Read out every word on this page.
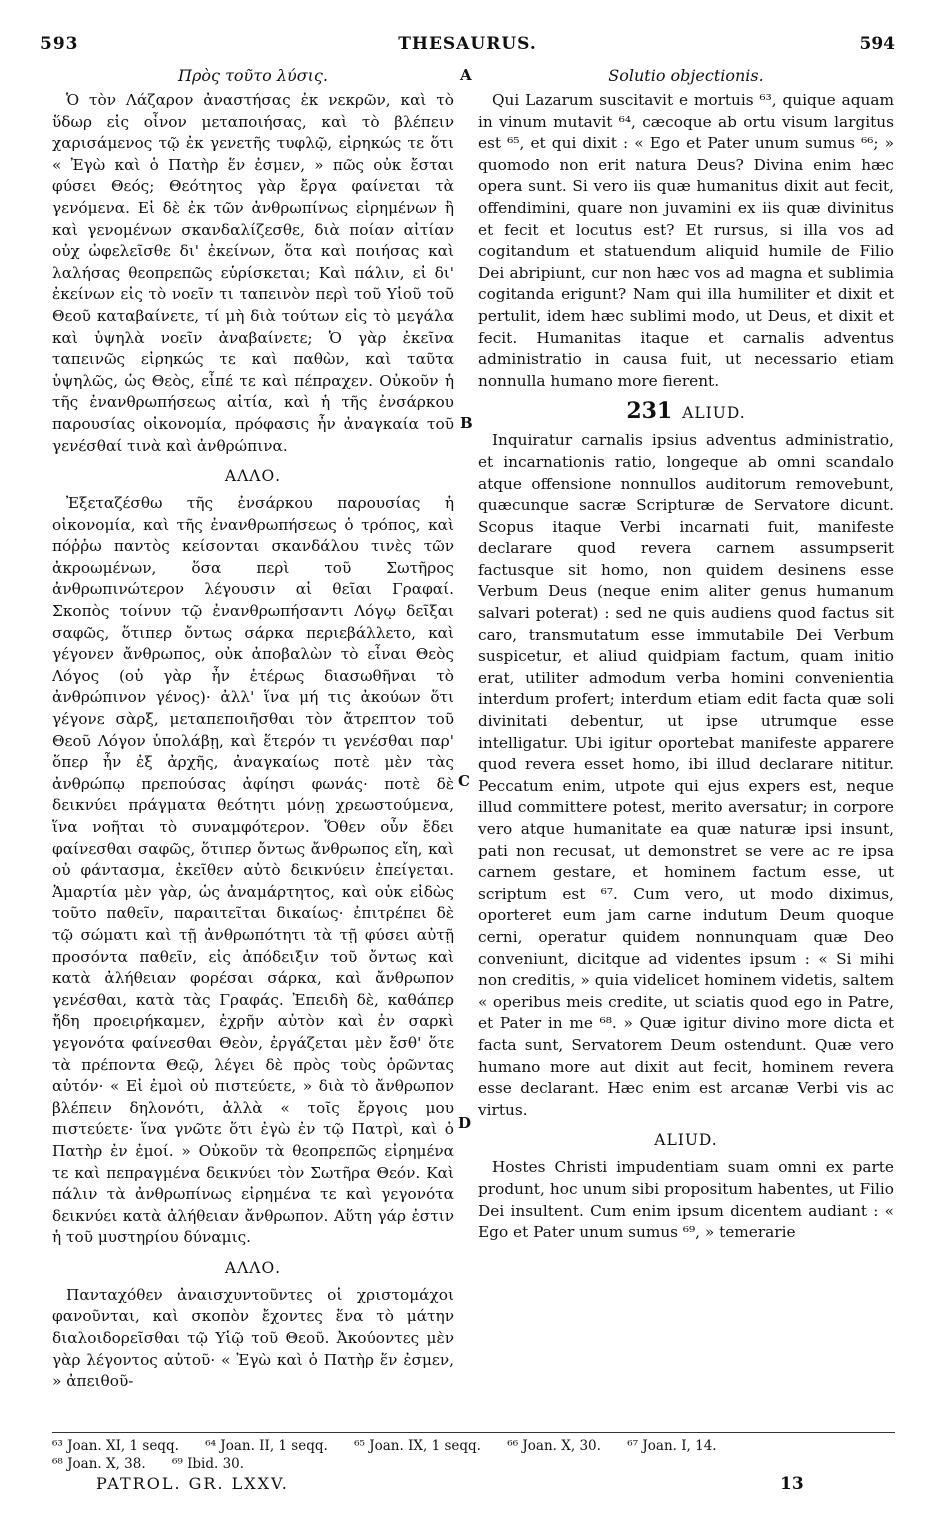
593	THESAURUS.	594
A
B
C
D
Πρὸς τοῦτο λύσις.

Ὁ τὸν Λάζαρον ἀναστήσας ἐκ νεκρῶν, καὶ τὸ ὕδωρ εἰς οἶνον μεταποιήσας, καὶ τὸ βλέπειν χαρισάμενος τῷ ἐκ γενετῆς τυφλῷ, εἰρηκώς τε ὅτι « Ἐγὼ καὶ ὁ Πατὴρ ἕν ἐσμεν, » πῶς οὐκ ἔσται φύσει Θεός; Θεότητος γὰρ ἔργα φαίνεται τὰ γενόμενα. Εἰ δὲ ἐκ τῶν ἀνθρωπίνως εἰρημένων ἢ καὶ γενομένων σκανδαλίζεσθε, διὰ ποίαν αἰτίαν οὐχ ὠφελεῖσθε δι' ἐκείνων, ὅτα καὶ ποιήσας καὶ λαλήσας θεοπρεπῶς εὑρίσκεται; Καὶ πάλιν, εἰ δι' ἐκείνων εἰς τὸ νοεῖν τι ταπεινὸν περὶ τοῦ Υἱοῦ τοῦ Θεοῦ καταβαίνετε, τί μὴ διὰ τούτων εἰς τὸ μεγάλα καὶ ὑψηλὰ νοεῖν ἀναβαίνετε; Ὁ γὰρ ἐκεῖνα ταπεινῶς εἰρηκώς τε καὶ παθὼν, καὶ ταῦτα ὑψηλῶς, ὡς Θεὸς, εἶπέ τε καὶ πέπραχεν. Οὐκοῦν ἡ τῆς ἐνανθρωπήσεως αἰτία, καὶ ἡ τῆς ἐνσάρκου παρουσίας οἰκονομία, πρόφασις ἦν ἀναγκαία τοῦ γενέσθαί τινὰ καὶ ἀνθρώπινα.

ΑΛΛΟ.

Ἐξεταζέσθω τῆς ἐνσάρκου παρουσίας ἡ οἰκονομία, καὶ τῆς ἐνανθρωπήσεως ὁ τρόπος, καὶ πόῤῥω παντὸς κείσονται σκανδάλου τινὲς τῶν ἀκροωμένων, ὅσα περὶ τοῦ Σωτῆρος ἀνθρωπινώτερον λέγουσιν αἱ θεῖαι Γραφαί. Σκοπὸς τοίνυν τῷ ἐνανθρωπήσαντι Λόγῳ δεῖξαι σαφῶς, ὅτιπερ ὄντως σάρκα περιεβάλλετο, καὶ γέγονεν ἄνθρωπος, οὐκ ἀποβαλὼν τὸ εἶναι Θεὸς Λόγος (οὐ γὰρ ἦν ἑτέρως διασωθῆναι τὸ ἀνθρώπινον γένος)· ἀλλ' ἵνα μή τις ἀκούων ὅτι γέγονε σὰρξ, μεταπεποιῆσθαι τὸν ἄτρεπτον τοῦ Θεοῦ Λόγον ὑπολάβῃ, καὶ ἕτερόν τι γενέσθαι παρ' ὅπερ ἦν ἐξ ἀρχῆς, ἀναγκαίως ποτὲ μὲν τὰς ἀνθρώπῳ πρεπούσας ἀφίησι φωνάς· ποτὲ δὲ δεικνύει πράγματα θεότητι μόνῃ χρεωστούμενα, ἵνα νοῆται τὸ συναμφότερον. Ὅθεν οὖν ἔδει φαίνεσθαι σαφῶς, ὅτιπερ ὄντως ἄνθρωπος εἴη, καὶ οὐ φάντασμα, ἐκεῖθεν αὐτὸ δεικνύειν ἐπείγεται. Ἁμαρτία μὲν γὰρ, ὡς ἀναμάρτητος, καὶ οὐκ εἰδὼς τοῦτο παθεῖν, παραιτεῖται δικαίως· ἐπιτρέπει δὲ τῷ σώματι καὶ τῇ ἀνθρωπότητι τὰ τῇ φύσει αὐτῇ προσόντα παθεῖν, εἰς ἀπόδειξιν τοῦ ὄντως καὶ κατὰ ἀλήθειαν φορέσαι σάρκα, καὶ ἄνθρωπον γενέσθαι, κατὰ τὰς Γραφάς. Ἐπειδὴ δὲ, καθάπερ ἤδη προειρήκαμεν, ἐχρῆν αὐτὸν καὶ ἐν σαρκὶ γεγονότα φαίνεσθαι Θεὸν, ἐργάζεται μὲν ἔσθ' ὅτε τὰ πρέποντα Θεῷ, λέγει δὲ πρὸς τοὺς ὁρῶντας αὐτόν· « Εἰ ἐμοὶ οὐ πιστεύετε, » διὰ τὸ ἄνθρωπον βλέπειν δηλονότι, ἀλλὰ « τοῖς ἔργοις μου πιστεύετε· ἵνα γνῶτε ὅτι ἐγὼ ἐν τῷ Πατρὶ, καὶ ὁ Πατὴρ ἐν ἐμοί. » Οὐκοῦν τὰ θεοπρεπῶς εἰρημένα τε καὶ πεπραγμένα δεικνύει τὸν Σωτῆρα Θεόν. Καὶ πάλιν τὰ ἀνθρωπίνως εἰρημένα τε καὶ γεγονότα δεικνύει κατὰ ἀλήθειαν ἄνθρωπον. Αὕτη γάρ ἐστιν ἡ τοῦ μυστηρίου δύναμις.

ΑΛΛΟ.

Πανταχόθεν ἀναισχυντοῦντες οἱ χριστομάχοι φανοῦνται, καὶ σκοπὸν ἔχοντες ἕνα τὸ μάτην διαλοιδορεῖσθαι τῷ Υἱῷ τοῦ Θεοῦ. Ἀκούοντες μὲν γὰρ λέγοντος αὐτοῦ· « Ἐγὼ καὶ ὁ Πατὴρ ἕν ἐσμεν, » ἀπειθοῦ-

Solutio objectionis.

Qui Lazarum suscitavit e mortuis ⁶³, quique aquam in vinum mutavit ⁶⁴, cæcoque ab ortu visum largitus est ⁶⁵, et qui dixit : « Ego et Pater unum sumus ⁶⁶; » quomodo non erit natura Deus? Divina enim hæc opera sunt. Si vero iis quæ humanitus dixit aut fecit, offendimini, quare non juvamini ex iis quæ divinitus et fecit et locutus est? Et rursus, si illa vos ad cogitandum et statuendum aliquid humile de Filio Dei abripiunt, cur non hæc vos ad magna et sublimia cogitanda erigunt? Nam qui illa humiliter et dixit et pertulit, idem hæc sublimi modo, ut Deus, et dixit et fecit. Humanitas itaque et carnalis adventus administratio in causa fuit, ut necessario etiam nonnulla humano more fierent.

231 ALIUD.

Inquiratur carnalis ipsius adventus administratio, et incarnationis ratio, longeque ab omni scandalo atque offensione nonnullos auditorum removebunt, quæcunque sacræ Scripturæ de Servatore dicunt. Scopus itaque Verbi incarnati fuit, manifeste declarare quod revera carnem assumpserit factusque sit homo, non quidem desinens esse Verbum Deus (neque enim aliter genus humanum salvari poterat) : sed ne quis audiens quod factus sit caro, transmutatum esse immutabile Dei Verbum suspicetur, et aliud quidpiam factum, quam initio erat, utiliter admodum verba homini convenientia interdum profert; interdum etiam edit facta quæ soli divinitati debentur, ut ipse utrumque esse intelligatur. Ubi igitur oportebat manifeste apparere quod revera esset homo, ibi illud declarare nititur. Peccatum enim, utpote qui ejus expers est, neque illud committere potest, merito aversatur; in corpore vero atque humanitate ea quæ naturæ ipsi insunt, pati non recusat, ut demonstret se vere ac re ipsa carnem gestare, et hominem factum esse, ut scriptum est ⁶⁷. Cum vero, ut modo diximus, oporteret eum jam carne indutum Deum quoque cerni, operatur quidem nonnunquam quæ Deo conveniunt, dicitque ad videntes ipsum : « Si mihi non creditis, » quia videlicet hominem videtis, saltem « operibus meis credite, ut sciatis quod ego in Patre, et Pater in me ⁶⁸. » Quæ igitur divino more dicta et facta sunt, Servatorem Deum ostendunt. Quæ vero humano more aut dixit aut fecit, hominem revera esse declarant. Hæc enim est arcanæ Verbi vis ac virtus.

ALIUD.

Hostes Christi impudentiam suam omni ex parte produnt, hoc unum sibi propositum habentes, ut Filio Dei insultent. Cum enim ipsum dicentem audiant : « Ego et Pater unum sumus ⁶⁹, » temerarie

⁶³ Joan. XI, 1 seqq. ⁶⁴ Joan. II, 1 seqq. ⁶⁵ Joan. IX, 1 seqq. ⁶⁶ Joan. X, 30. ⁶⁷ Joan. I, 14.
⁶⁸ Joan. X, 38. ⁶⁹ Ibid. 30.
PATROL. GR. LXXV.	13
